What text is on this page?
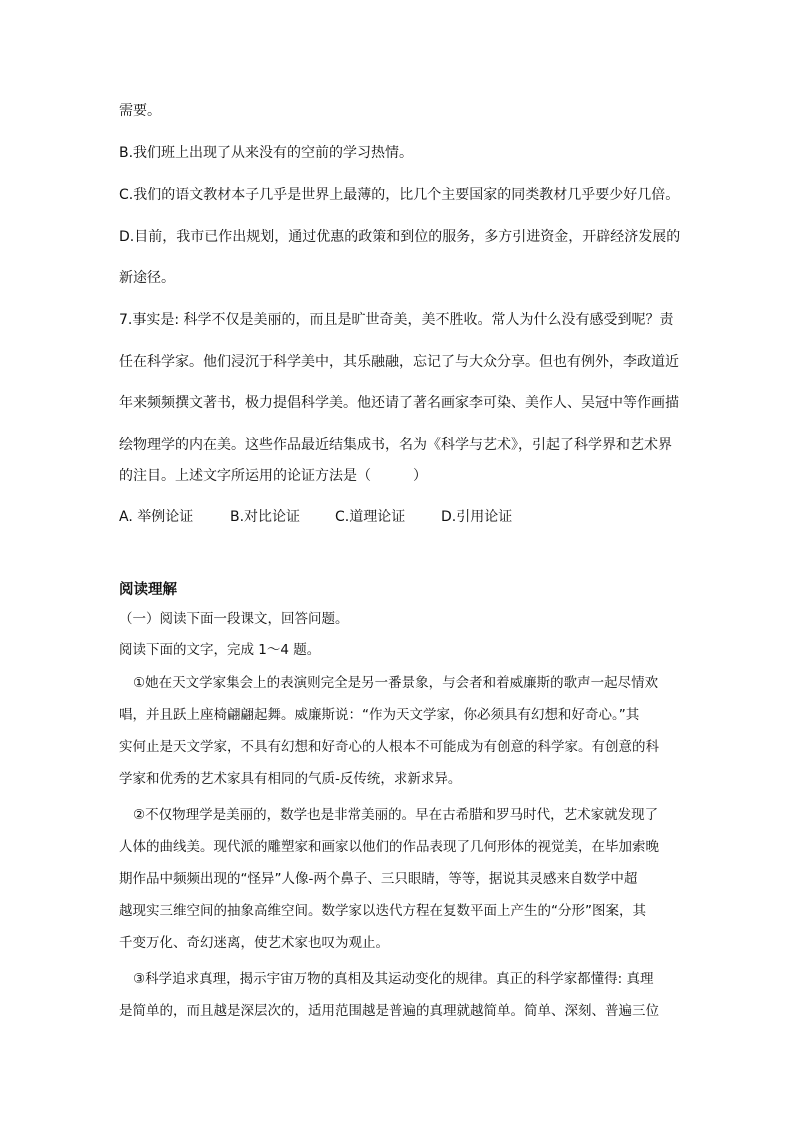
需要。
B.我们班上出现了从来没有的空前的学习热情。
C.我们的语文教材本子几乎是世界上最薄的，比几个主要国家的同类教材几乎要少好几倍。
D.目前，我市已作出规划，通过优惠的政策和到位的服务，多方引进资金，开辟经济发展的
新途径。
7.事实是: 科学不仅是美丽的，而且是旷世奇美，美不胜收。常人为什么没有感受到呢？责
任在科学家。他们浸沉于科学美中，其乐融融，忘记了与大众分享。但也有例外，李政道近
年来频频撰文著书，极力提倡科学美。他还请了著名画家李可染、美作人、吴冠中等作画描
绘物理学的内在美。这些作品最近结集成书，名为《科学与艺术》，引起了科学界和艺术界
的注目。上述文字所运用的论证方法是（　　　）
A. 举例论证	B.对比论证 C.道理论证	D.引用论证
阅读理解
（一）阅读下面一段课文，回答问题。
阅读下面的文字，完成 1～4 题。
①她在天文学家集会上的表演则完全是另一番景象，与会者和着威廉斯的歌声一起尽情欢
唱，并且跃上座椅翩翩起舞。威廉斯说：“作为天文学家，你必须具有幻想和好奇心。”其
实何止是天文学家，不具有幻想和好奇心的人根本不可能成为有创意的科学家。有创意的科
学家和优秀的艺术家具有相同的气质-反传统，求新求异。
②不仅物理学是美丽的，数学也是非常美丽的。早在古希腊和罗马时代，艺术家就发现了
人体的曲线美。现代派的雕塑家和画家以他们的作品表现了几何形体的视觉美，在毕加索晚
期作品中频频出现的“怪异”人像-两个鼻子、三只眼睛，等等，据说其灵感来自数学中超
越现实三维空间的抽象高维空间。数学家以迭代方程在复数平面上产生的“分形”图案，其
千变万化、奇幻迷离，使艺术家也叹为观止。
③科学追求真理，揭示宇宙万物的真相及其运动变化的规律。真正的科学家都懂得: 真理
是简单的，而且越是深层次的，适用范围越是普遍的真理就越简单。简单、深刻、普遍三位
